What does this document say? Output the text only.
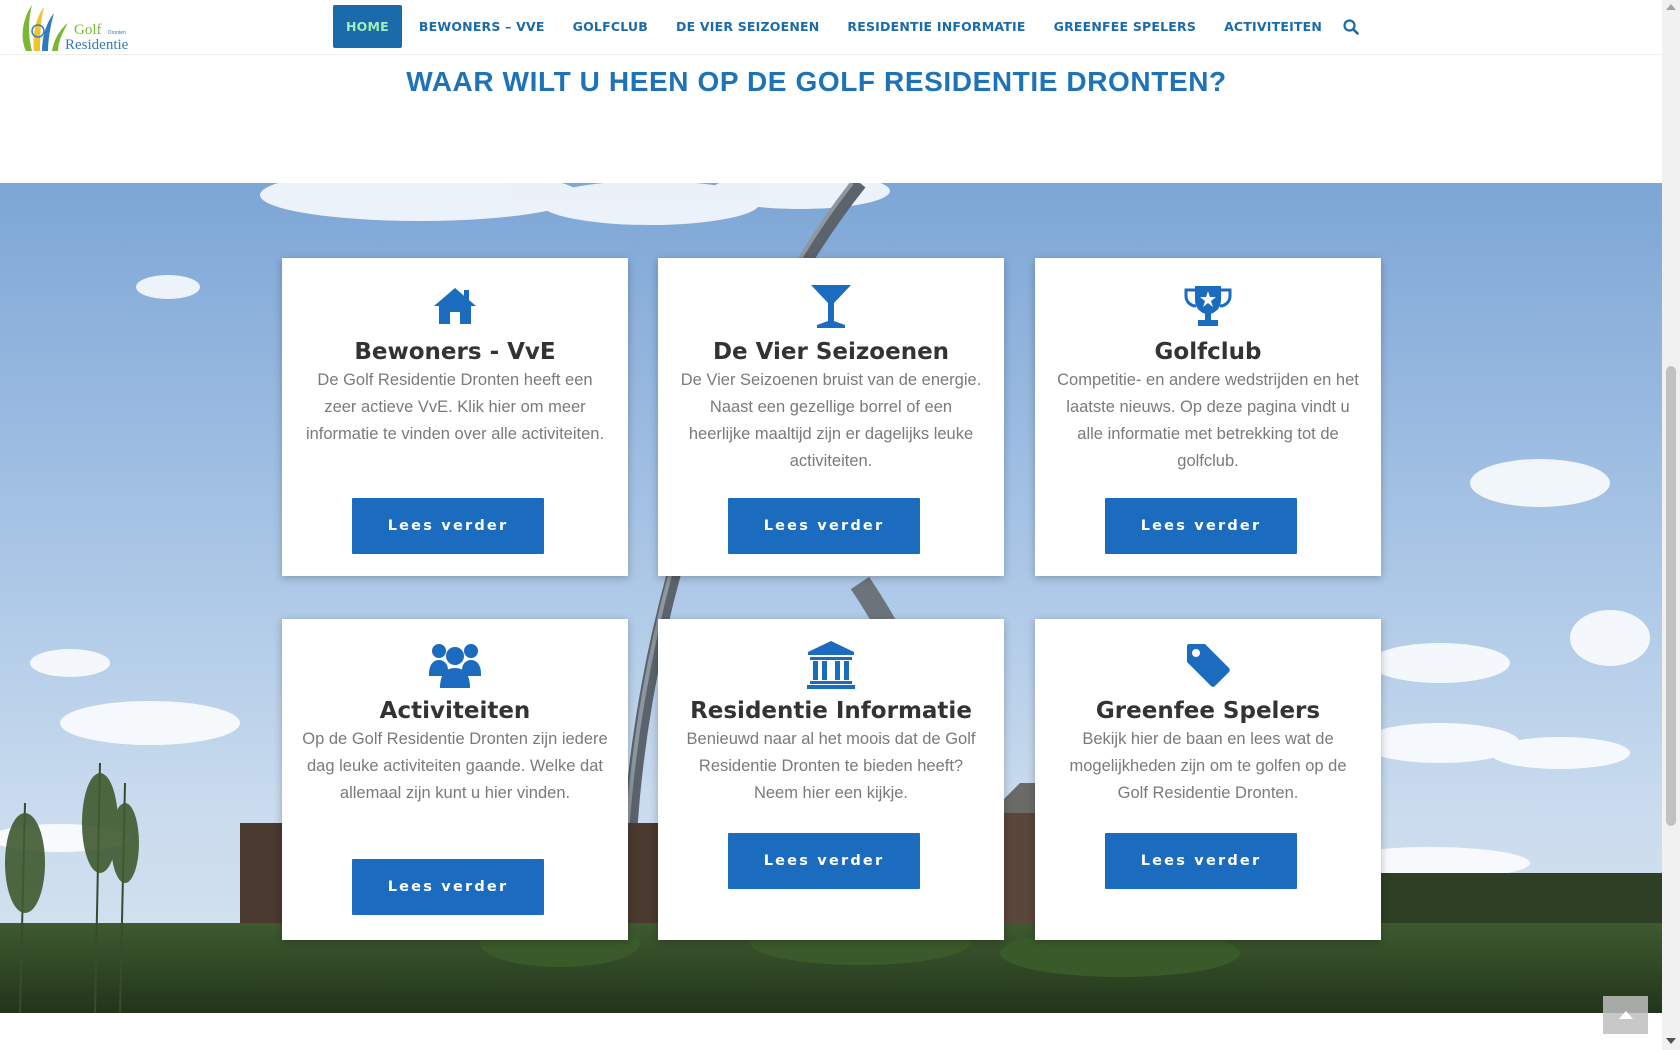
Golf Dronten
Residentie
HOME	BEWONERS – VVE	GOLFCLUB	DE VIER SEIZOENEN	RESIDENTIE INFORMATIE	GREENFEE SPELERS	ACTIVITEITEN
WAAR WILT U HEEN OP DE GOLF RESIDENTIE DRONTEN?
Bewoners - VvE
De Golf Residentie Dronten heeft een zeer actieve VvE. Klik hier om meer informatie te vinden over alle activiteiten.
Lees verder
De Vier Seizoenen
De Vier Seizoenen bruist van de energie. Naast een gezellige borrel of een heerlijke maaltijd zijn er dagelijks leuke activiteiten.
Lees verder
Golfclub
Competitie- en andere wedstrijden en het laatste nieuws. Op deze pagina vindt u alle informatie met betrekking tot de golfclub.
Lees verder
Activiteiten
Op de Golf Residentie Dronten zijn iedere dag leuke activiteiten gaande. Welke dat allemaal zijn kunt u hier vinden.
Lees verder
Residentie Informatie
Benieuwd naar al het moois dat de Golf Residentie Dronten te bieden heeft? Neem hier een kijkje.
Lees verder
Greenfee Spelers
Bekijk hier de baan en lees wat de mogelijkheden zijn om te golfen op de Golf Residentie Dronten.
Lees verder
